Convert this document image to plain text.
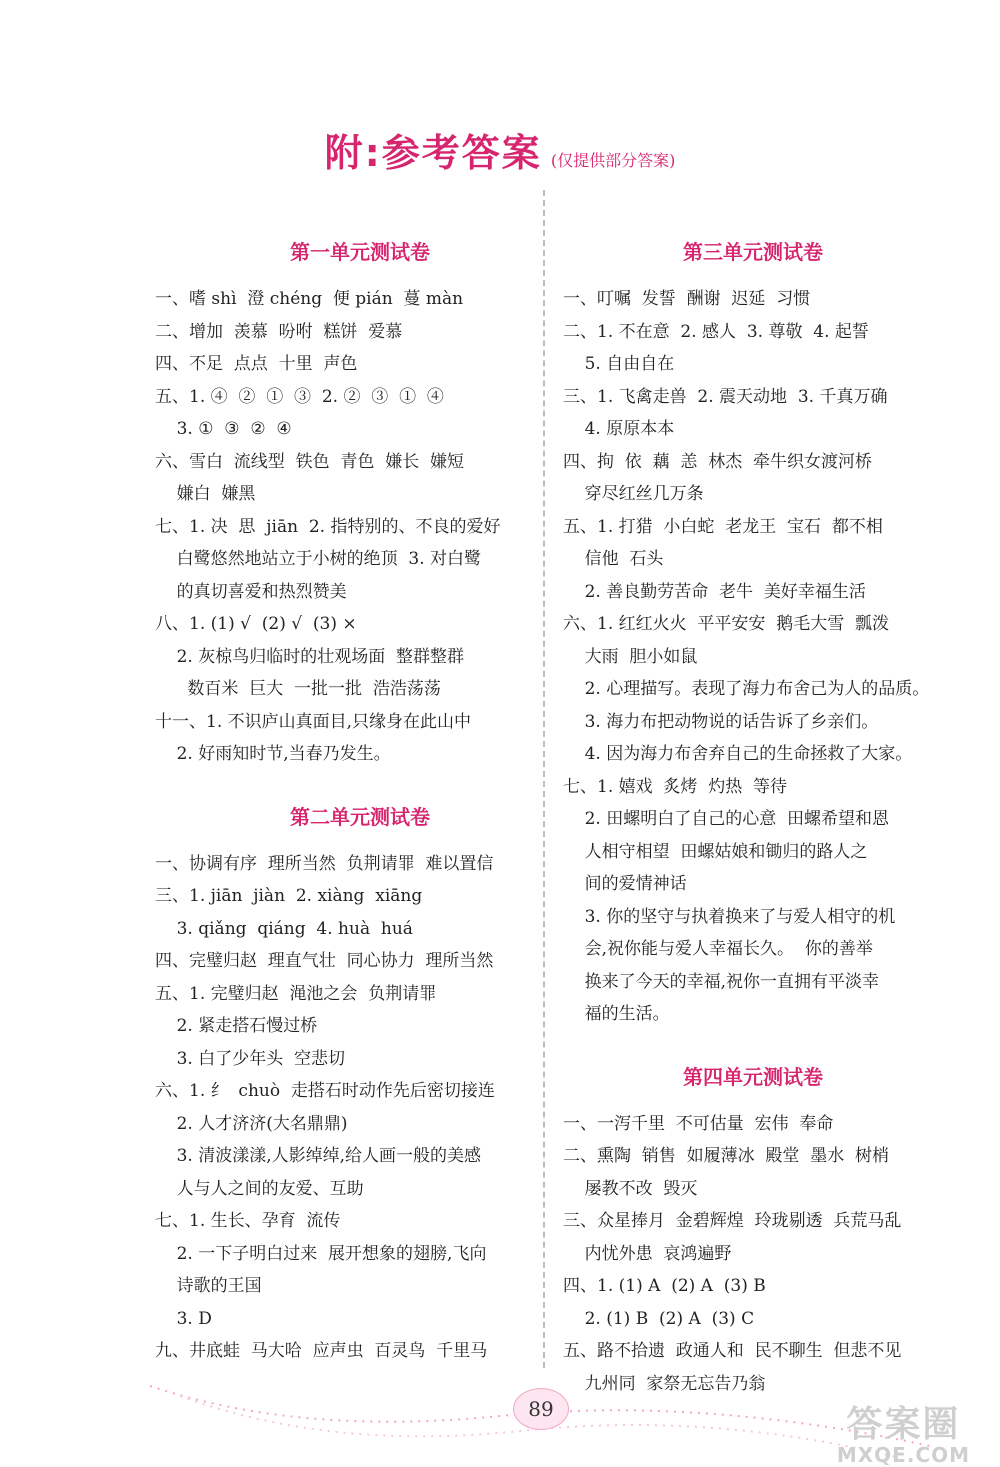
附:参考答案 (仅提供部分答案)
第一单元测试卷
一、嗜 shì  澄 chéng  便 pián  蔓 màn
二、增加  羡慕  吩咐  糕饼  爱慕
四、不足  点点  十里  声色
五、1. ④  ②  ①  ③  2. ②  ③  ①  ④
3. ①  ③  ②  ④
六、雪白  流线型  铁色  青色  嫌长  嫌短
嫌白  嫌黑
七、1. 决  思  jiān  2. 指特别的、不良的爱好
白鹭悠然地站立于小树的绝顶  3. 对白鹭
的真切喜爱和热烈赞美
八、1. (1) √  (2) √  (3) ×
2. 灰椋鸟归临时的壮观场面  整群整群
数百米  巨大  一批一批  浩浩荡荡
十一、1. 不识庐山真面目,只缘身在此山中
2. 好雨知时节,当春乃发生。
第二单元测试卷
一、协调有序  理所当然  负荆请罪  难以置信
三、1. jiān  jiàn  2. xiàng  xiāng
3. qiǎng  qiáng  4. huà  huá
四、完璧归赵  理直气壮  同心协力  理所当然
五、1. 完璧归赵  渑池之会  负荆请罪
2. 紧走搭石慢过桥
3. 白了少年头  空悲切
六、1. 纟  chuò  走搭石时动作先后密切接连
2. 人才济济(大名鼎鼎)
3. 清波漾漾,人影绰绰,给人画一般的美感
人与人之间的友爱、互助
七、1. 生长、孕育  流传
2. 一下子明白过来  展开想象的翅膀,飞向
诗歌的王国
3. D
九、井底蛙  马大哈  应声虫  百灵鸟  千里马
第三单元测试卷
一、叮嘱  发誓  酬谢  迟延  习惯
二、1. 不在意  2. 感人  3. 尊敬  4. 起誓
5. 自由自在
三、1. 飞禽走兽  2. 震天动地  3. 千真万确
4. 原原本本
四、拘  依  藕  恙  林杰  牵牛织女渡河桥
穿尽红丝几万条
五、1. 打猎  小白蛇  老龙王  宝石  都不相
信他  石头
2. 善良勤劳苦命  老牛  美好幸福生活
六、1. 红红火火  平平安安  鹅毛大雪  瓢泼
大雨  胆小如鼠
2. 心理描写。表现了海力布舍己为人的品质。
3. 海力布把动物说的话告诉了乡亲们。
4. 因为海力布舍弃自己的生命拯救了大家。
七、1. 嬉戏  炙烤  灼热  等待
2. 田螺明白了自己的心意  田螺希望和恩
人相守相望  田螺姑娘和锄归的路人之
间的爱情神话
3. 你的坚守与执着换来了与爱人相守的机
会,祝你能与爱人幸福长久。  你的善举
换来了今天的幸福,祝你一直拥有平淡幸
福的生活。
第四单元测试卷
一、一泻千里  不可估量  宏伟  奉命
二、熏陶  销售  如履薄冰  殿堂  墨水  树梢
屡教不改  毁灭
三、众星捧月  金碧辉煌  玲珑剔透  兵荒马乱
内忧外患  哀鸿遍野
四、1. (1) A  (2) A  (3) B
2. (1) B  (2) A  (3) C
五、路不拾遗  政通人和  民不聊生  但悲不见
九州同  家祭无忘告乃翁
89	答案圈
MXQE.COM
